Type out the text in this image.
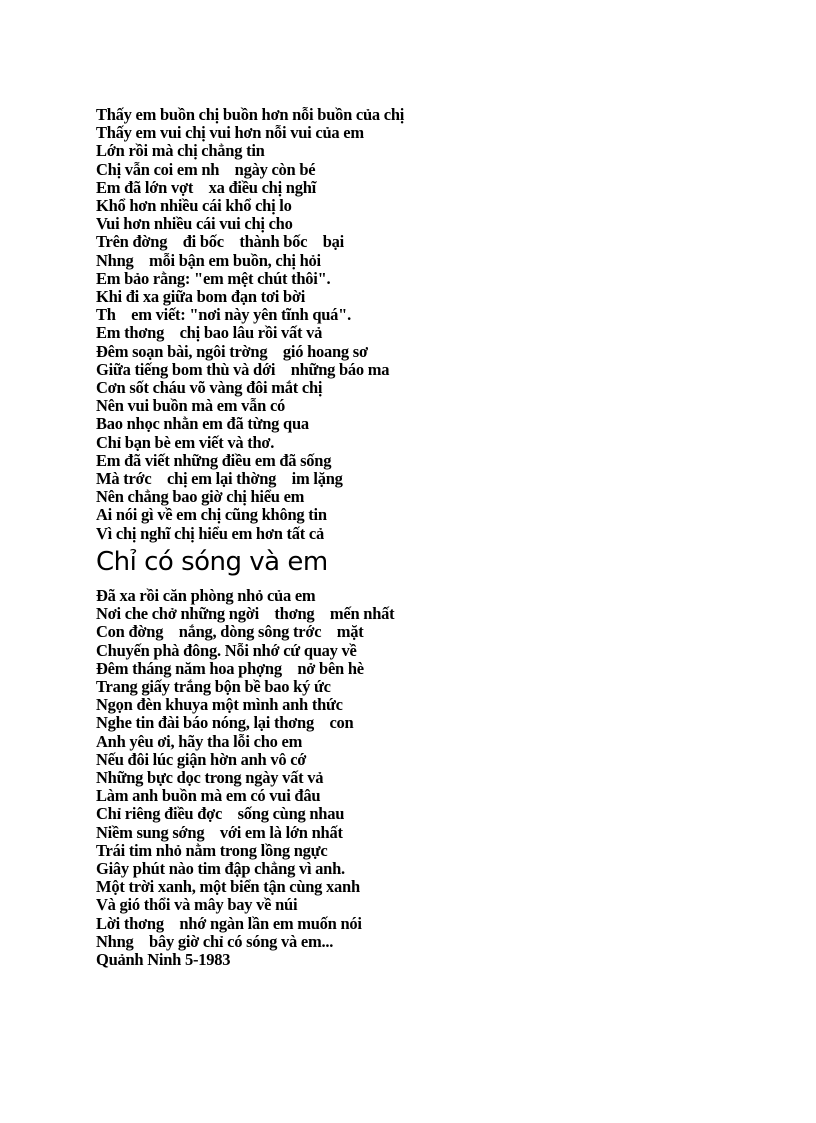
Thấy em buồn chị buồn hơn nỗi buồn của chị
Thấy em vui chị vui hơn nỗi vui của em
Lớn rồi mà chị chẳng tin
Chị vẫn coi em nh    ngày còn bé
Em đã lớn vợt    xa điều chị nghĩ
Khổ hơn nhiều cái khổ chị lo
Vui hơn nhiều cái vui chị cho
Trên đờng    đi bốc    thành bốc    bại
Nhng    mỗi bận em buồn, chị hỏi
Em bảo rằng: "em mệt chút thôi".
Khi đi xa giữa bom đạn tơi bời
Th    em viết: "nơi này yên tĩnh quá".
Em thơng    chị bao lâu rồi vất vả
Đêm soạn bài, ngôi trờng    gió hoang sơ
Giữa tiếng bom thù và dới    những báo ma
Cơn sốt cháu võ vàng đôi mắt chị
Nên vui buồn mà em vẫn có
Bao nhọc nhằn em đã từng qua
Chỉ bạn bè em viết và thơ.
Em đã viết những điều em đã sống
Mà trớc    chị em lại thờng    im lặng
Nên chẳng bao giờ chị hiểu em
Ai nói gì về em chị cũng không tin
Vì chị nghĩ chị hiểu em hơn tất cả
Chỉ có sóng và em
Đã xa rồi căn phòng nhỏ của em
Nơi che chở những ngời    thơng    mến nhất
Con đờng    nắng, dòng sông trớc    mặt
Chuyến phà đông. Nỗi nhớ cứ quay về
Đêm tháng năm hoa phợng    nở bên hè
Trang giấy trắng bộn bề bao ký ức
Ngọn đèn khuya một mình anh thức
Nghe tin đài báo nóng, lại thơng    con
Anh yêu ơi, hãy tha lỗi cho em
Nếu đôi lúc giận hờn anh vô cớ
Những bực dọc trong ngày vất vả
Làm anh buồn mà em có vui đâu
Chỉ riêng điều đợc    sống cùng nhau
Niềm sung sớng    với em là lớn nhất
Trái tim nhỏ nằm trong lồng ngực
Giây phút nào tim đập chẳng vì anh.
Một trời xanh, một biển tận cùng xanh
Và gió thổi và mây bay về núi
Lời thơng    nhớ ngàn lần em muốn nói
Nhng    bây giờ chỉ có sóng và em...
Quảnh Ninh 5-1983
